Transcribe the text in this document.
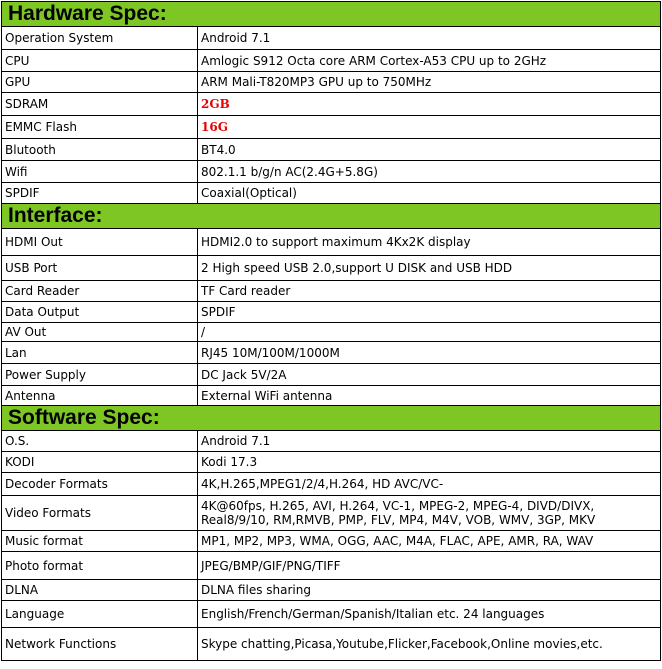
Hardware Spec:	
Operation System	Android 7.1
CPU	Amlogic S912 Octa core ARM Cortex-A53 CPU up to 2GHz
GPU	ARM Mali-T820MP3 GPU up to 750MHz
SDRAM	2GB
EMMC Flash	16G
Blutooth	BT4.0
Wifi	802.1.1 b/g/n AC(2.4G+5.8G)
SPDIF	Coaxial(Optical)
Interface:	
HDMI Out	HDMI2.0 to support maximum 4Kx2K display
USB Port	2 High speed USB 2.0,support U DISK and USB HDD
Card Reader	TF Card reader
Data Output	SPDIF
AV Out	/
Lan	RJ45 10M/100M/1000M
Power Supply	DC Jack 5V/2A
Antenna	External WiFi antenna
Software Spec:	
O.S.	Android 7.1
KODI	Kodi 17.3
Decoder Formats	4K,H.265,MPEG1/2/4,H.264, HD AVC/VC-
Video Formats	4K@60fps, H.265, AVI, H.264, VC-1, MPEG-2, MPEG-4, DIVD/DIVX, Real8/9/10, RM,RMVB, PMP, FLV, MP4, M4V, VOB, WMV, 3GP, MKV
Music format	MP1, MP2, MP3, WMA, OGG, AAC, M4A, FLAC, APE, AMR, RA, WAV
Photo format	JPEG/BMP/GIF/PNG/TIFF
DLNA	DLNA files sharing
Language	English/French/German/Spanish/Italian etc. 24 languages
Network Functions	Skype chatting,Picasa,Youtube,Flicker,Facebook,Online movies,etc.
